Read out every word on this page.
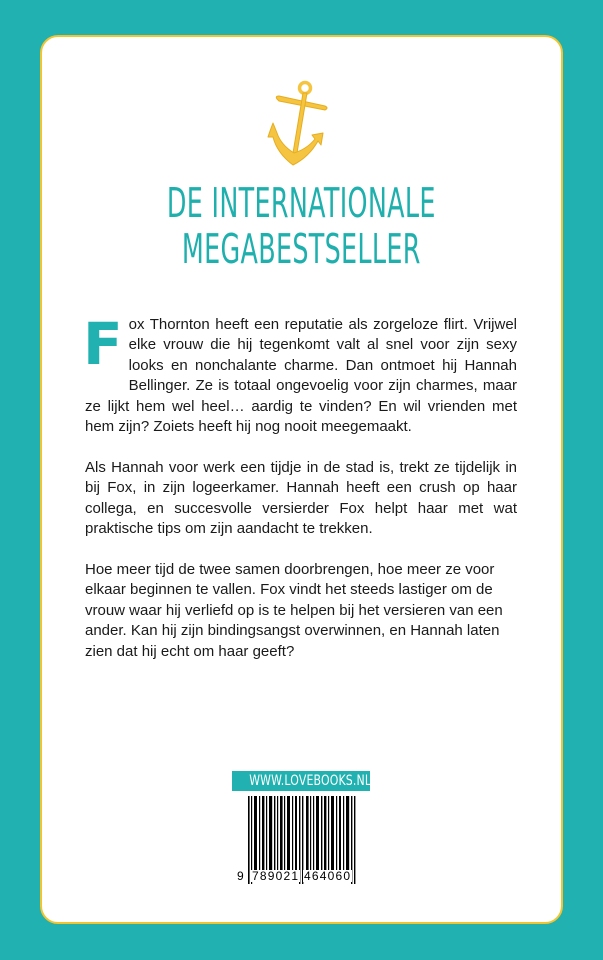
DE INTERNATIONALE
MEGABESTSELLER

Fox Thornton heeft een reputatie als zorgeloze flirt. Vrijwel elke vrouw die hij tegenkomt valt al snel voor zijn sexy looks en nonchalante charme. Dan ontmoet hij Hannah Bellinger. Ze is totaal ongevoelig voor zijn charmes, maar ze lijkt hem wel heel… aardig te vinden? En wil vrienden met hem zijn? Zoiets heeft hij nog nooit meegemaakt.

Als Hannah voor werk een tijdje in de stad is, trekt ze tijdelijk in bij Fox, in zijn logeerkamer. Hannah heeft een crush op haar collega, en succesvolle versierder Fox helpt haar met wat praktische tips om zijn aandacht te trekken.

Hoe meer tijd de twee samen doorbrengen, hoe meer ze voor elkaar beginnen te vallen. Fox vindt het steeds lastiger om de vrouw waar hij verliefd op is te helpen bij het versieren van een ander. Kan hij zijn bindingsangst overwinnen, en Hannah laten zien dat hij echt om haar geeft?

WWW.LOVEBOOKS.NL
9 789021 464060
